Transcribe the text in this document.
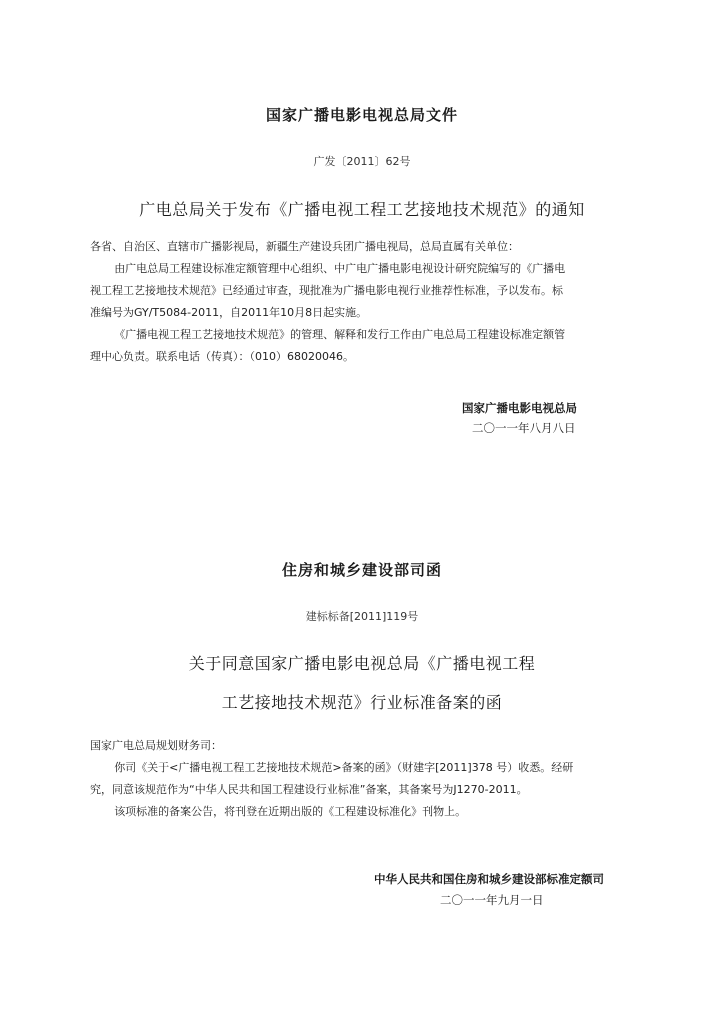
国家广播电影电视总局文件
广发〔2011〕62号
广电总局关于发布《广播电视工程工艺接地技术规范》的通知
各省、自治区、直辖市广播影视局，新疆生产建设兵团广播电视局，总局直属有关单位：
由广电总局工程建设标准定额管理中心组织、中广电广播电影电视设计研究院编写的《广播电
视工程工艺接地技术规范》已经通过审查，现批准为广播电影电视行业推荐性标准，予以发布。标
准编号为GY/T5084-2011，自2011年10月8日起实施。
《广播电视工程工艺接地技术规范》的管理、解释和发行工作由广电总局工程建设标准定额管
理中心负责。联系电话（传真）：（010）68020046。
国家广播电影电视总局
二〇一一年八月八日
住房和城乡建设部司函
建标标备[2011]119号
关于同意国家广播电影电视总局《广播电视工程
工艺接地技术规范》行业标准备案的函
国家广电总局规划财务司：
你司《关于<广播电视工程工艺接地技术规范>备案的函》（财建字[2011]378 号）收悉。经研
究，同意该规范作为“中华人民共和国工程建设行业标准”备案，其备案号为J1270-2011。
该项标准的备案公告，将刊登在近期出版的《工程建设标准化》刊物上。
中华人民共和国住房和城乡建设部标准定额司
二〇一一年九月一日
